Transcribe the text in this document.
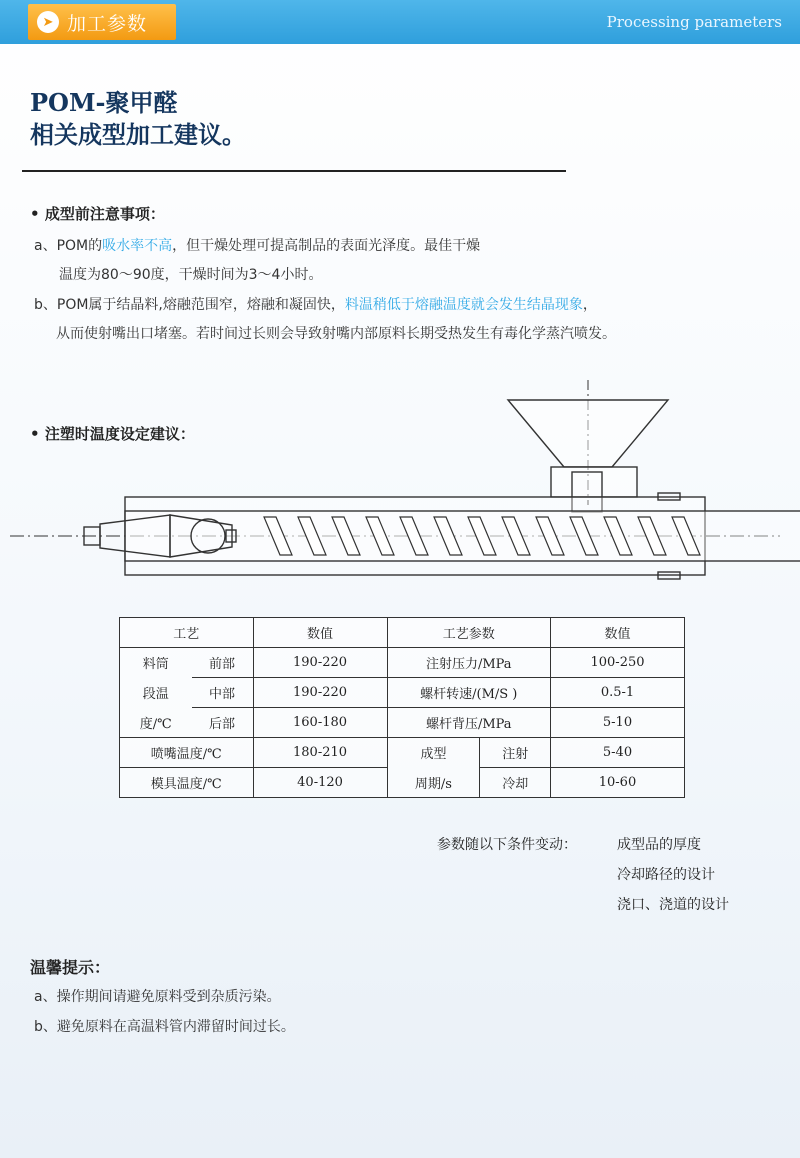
➤ 加工参数	Processing parameters
POM-聚甲醛
相关成型加工建议。
• 成型前注意事项：
a、POM的吸水率不高，但干燥处理可提高制品的表面光泽度。最佳干燥
温度为80～90度，干燥时间为3～4小时。
b、POM属于结晶料,熔融范围窄，熔融和凝固快，料温稍低于熔融温度就会发生结晶现象，
从而使射嘴出口堵塞。若时间过长则会导致射嘴内部原料长期受热发生有毒化学蒸汽喷发。
• 注塑时温度设定建议：
工艺		数值	工艺参数		数值
料筒	前部	190-220	注射压力/MPa		100-250
段温	中部	190-220	螺杆转速/(M/S )		0.5-1
度/℃	后部	160-180	螺杆背压/MPa		5-10
喷嘴温度/℃		180-210	成型	注射	5-40
模具温度/℃		40-120	周期/s	冷却	10-60
参数随以下条件变动：	成型品的厚度
冷却路径的设计
浇口、浇道的设计
温馨提示：
a、操作期间请避免原料受到杂质污染。
b、避免原料在高温料管内滞留时间过长。
